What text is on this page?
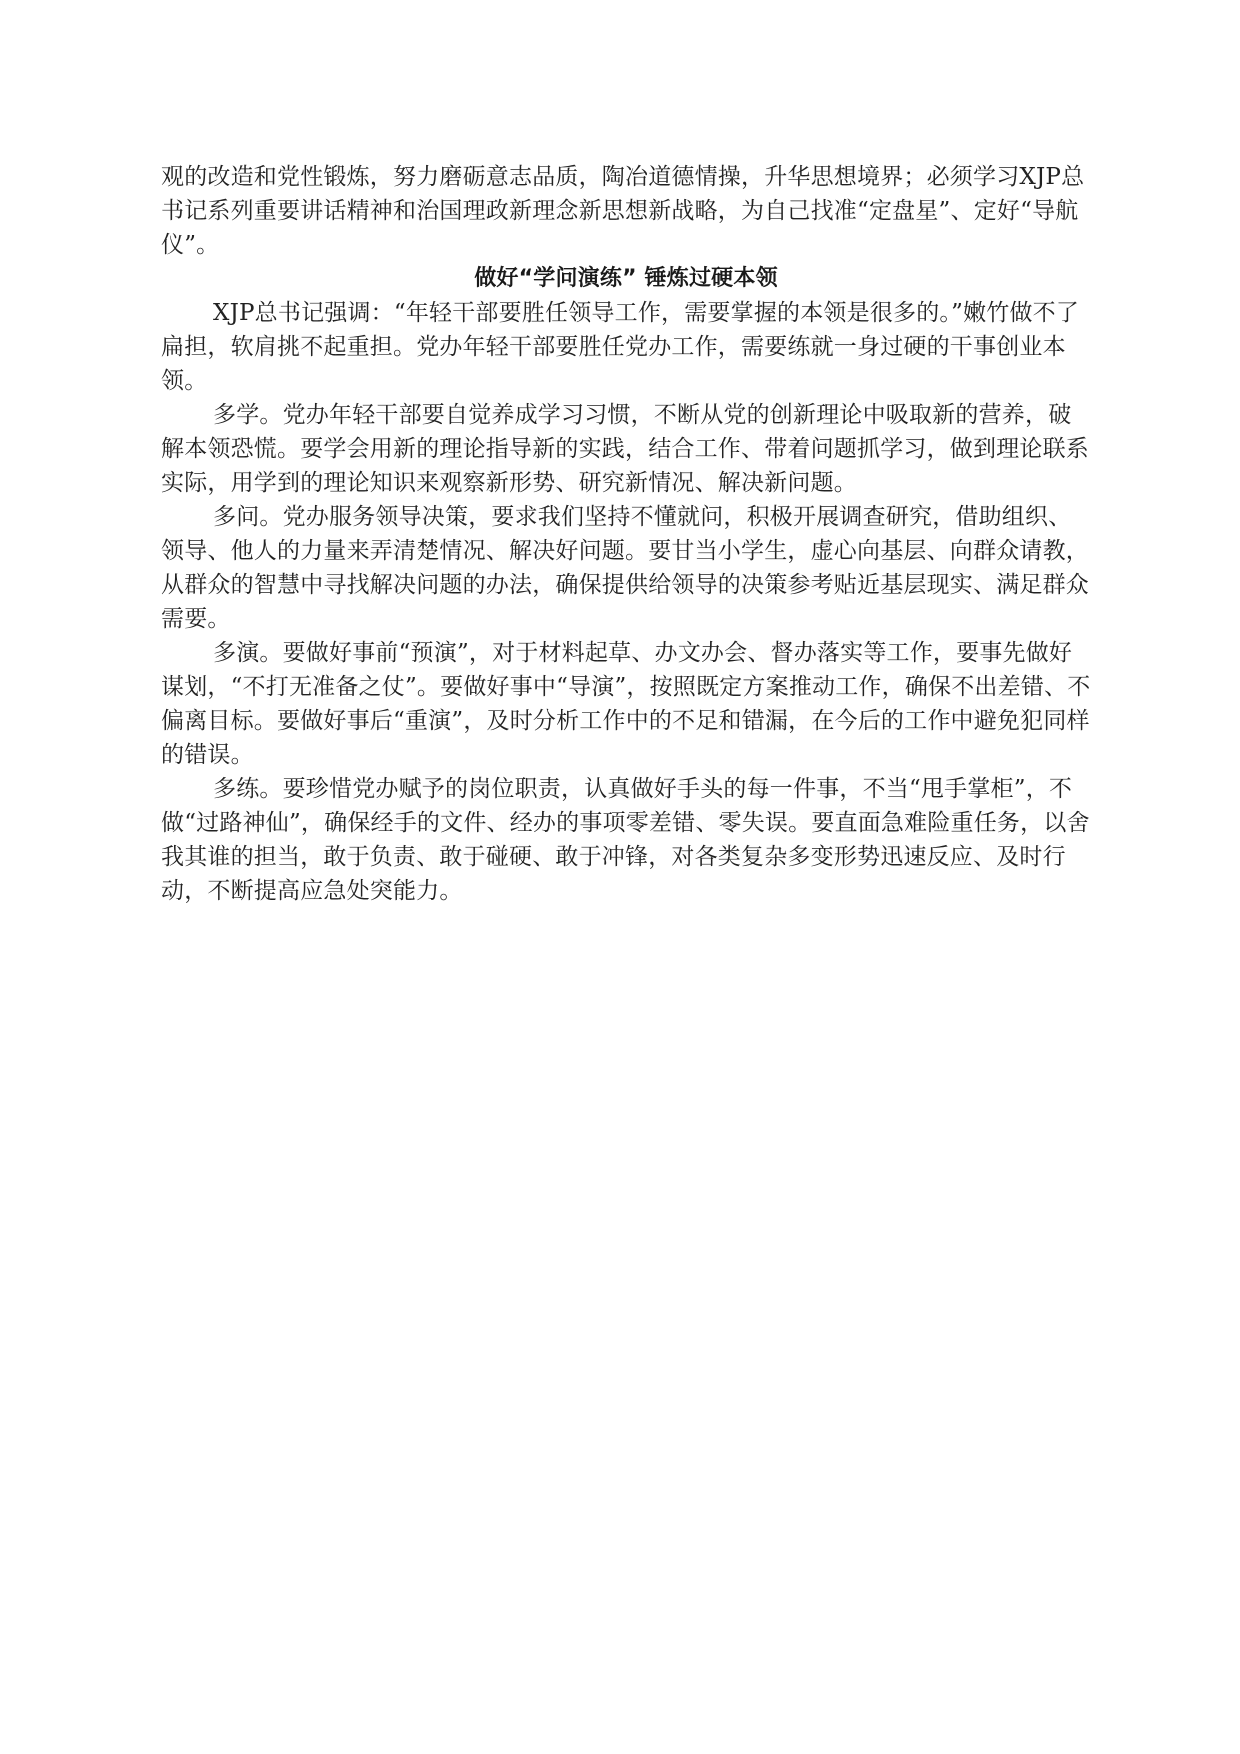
观的改造和党性锻炼，努力磨砺意志品质，陶冶道德情操，升华思想境界；必须学习XJP总书记系列重要讲话精神和治国理政新理念新思想新战略，为自己找准“定盘星”、定好“导航仪”。

做好“学问演练” 锤炼过硬本领

XJP总书记强调：“年轻干部要胜任领导工作，需要掌握的本领是很多的。”嫩竹做不了扁担，软肩挑不起重担。党办年轻干部要胜任党办工作，需要练就一身过硬的干事创业本领。

多学。党办年轻干部要自觉养成学习习惯，不断从党的创新理论中吸取新的营养，破解本领恐慌。要学会用新的理论指导新的实践，结合工作、带着问题抓学习，做到理论联系实际，用学到的理论知识来观察新形势、研究新情况、解决新问题。

多问。党办服务领导决策，要求我们坚持不懂就问，积极开展调查研究，借助组织、领导、他人的力量来弄清楚情况、解决好问题。要甘当小学生，虚心向基层、向群众请教，从群众的智慧中寻找解决问题的办法，确保提供给领导的决策参考贴近基层现实、满足群众需要。

多演。要做好事前“预演”，对于材料起草、办文办会、督办落实等工作，要事先做好谋划，“不打无准备之仗”。要做好事中“导演”，按照既定方案推动工作，确保不出差错、不偏离目标。要做好事后“重演”，及时分析工作中的不足和错漏，在今后的工作中避免犯同样的错误。

多练。要珍惜党办赋予的岗位职责，认真做好手头的每一件事，不当“甩手掌柜”，不做“过路神仙”，确保经手的文件、经办的事项零差错、零失误。要直面急难险重任务，以舍我其谁的担当，敢于负责、敢于碰硬、敢于冲锋，对各类复杂多变形势迅速反应、及时行动，不断提高应急处突能力。
